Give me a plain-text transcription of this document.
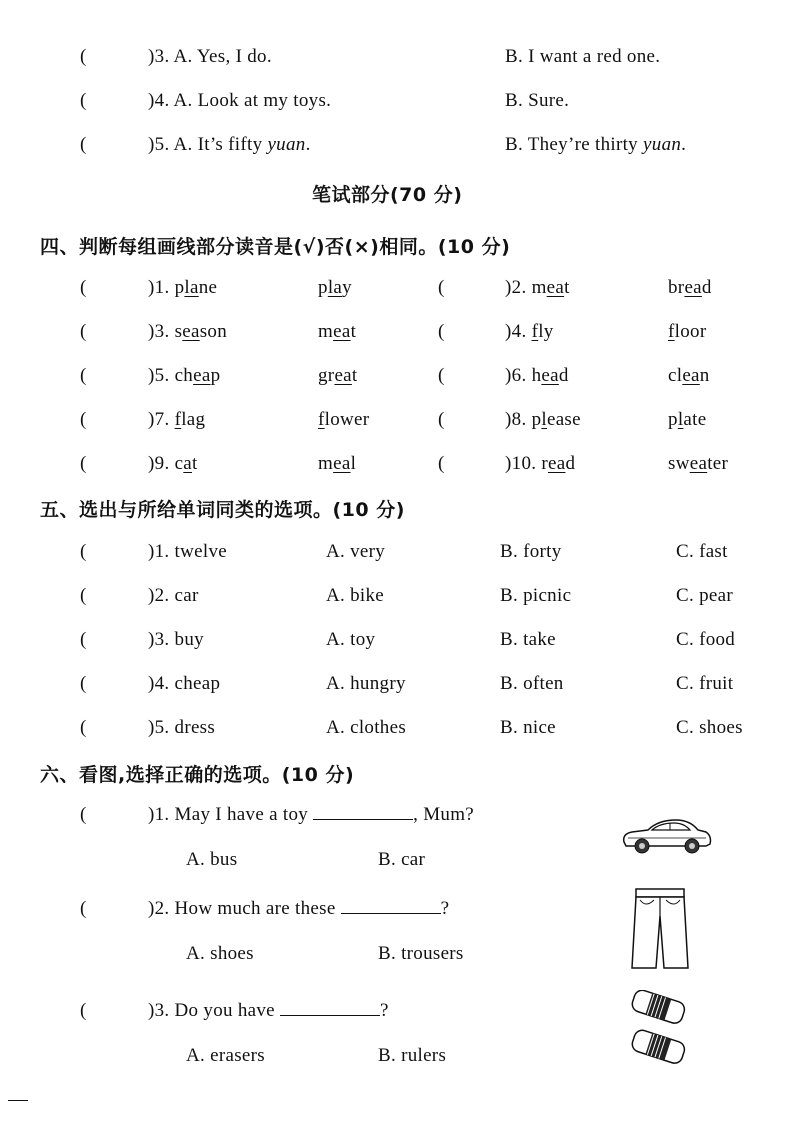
(	)3. A. Yes, I do.	B. I want a red one.
(	)4. A. Look at my toys.	B. Sure.
(	)5. A. It’s fifty yuan.	B. They’re thirty yuan.
笔试部分(70 分)
四、判断每组画线部分读音是(√)否(×)相同。(10 分)
(	)1. plane	play	(	)2. meat	bread
(	)3. season	meat	(	)4. fly	floor
(	)5. cheap	great	(	)6. head	clean
(	)7. flag	flower	(	)8. please	plate
(	)9. cat	meal	(	)10. read	sweater
五、选出与所给单词同类的选项。(10 分)
(	)1. twelve	A. very	B. forty	C. fast
(	)2. car	A. bike	B. picnic	C. pear
(	)3. buy	A. toy	B. take	C. food
(	)4. cheap	A. hungry	B. often	C. fruit
(	)5. dress	A. clothes	B. nice	C. shoes
六、看图,选择正确的选项。(10 分)
(	)1. May I have a toy	, Mum?
A. bus	B. car
(	)2. How much are these	?
A. shoes	B. trousers
(	)3. Do you have	?
A. erasers	B. rulers
